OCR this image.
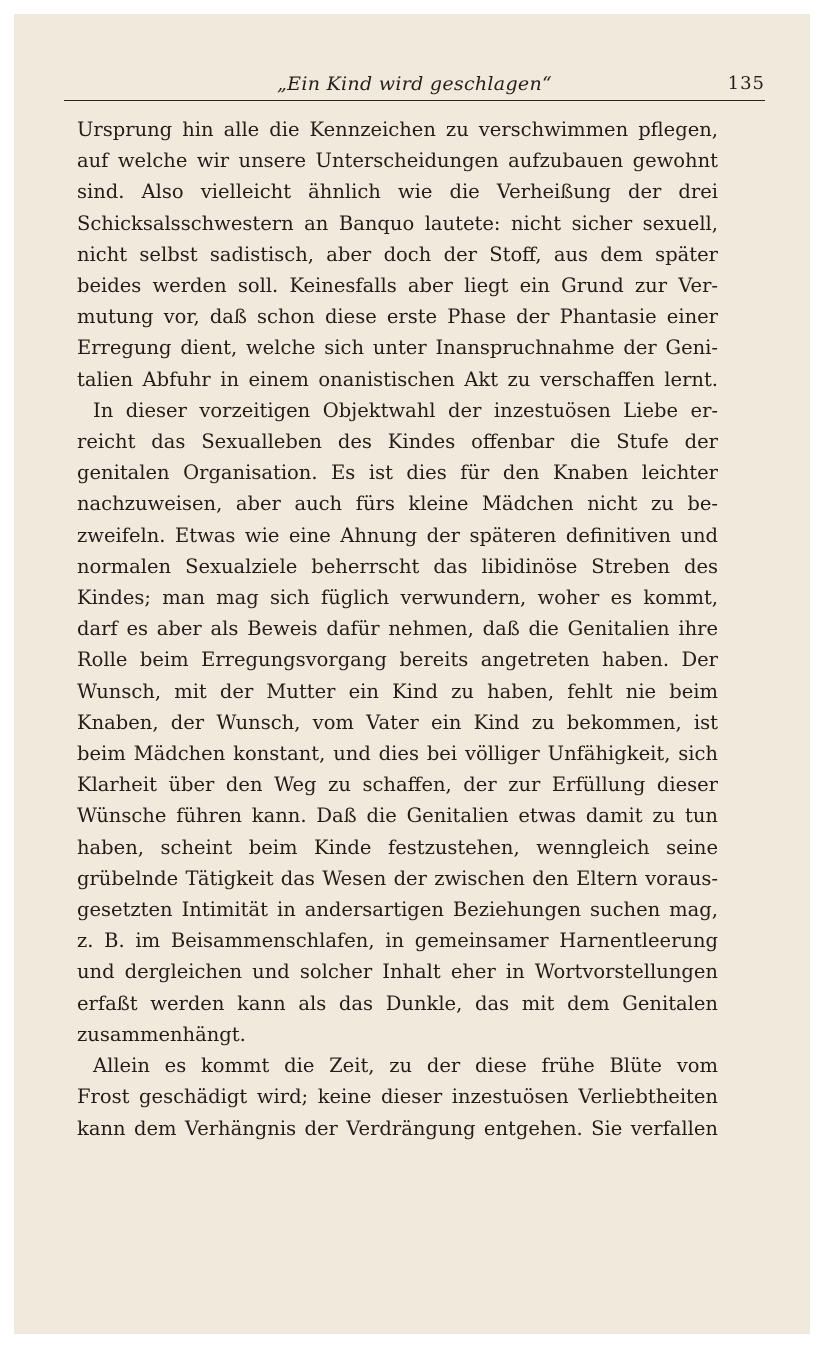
„Ein Kind wird geschlagen“	135
Ursprung hin alle die Kennzeichen zu verschwimmen pflegen,
auf welche wir unsere Unterscheidungen aufzubauen gewohnt
sind. Also vielleicht ähnlich wie die Verheißung der drei
Schicksalsschwestern an Banquo lautete: nicht sicher sexuell,
nicht selbst sadistisch, aber doch der Stoff, aus dem später
beides werden soll. Keinesfalls aber liegt ein Grund zur Ver-
mutung vor, daß schon diese erste Phase der Phantasie einer
Erregung dient, welche sich unter Inanspruchnahme der Geni-
talien Abfuhr in einem onanistischen Akt zu verschaffen lernt.
In dieser vorzeitigen Objektwahl der inzestuösen Liebe er-
reicht das Sexualleben des Kindes offenbar die Stufe der
genitalen Organisation. Es ist dies für den Knaben leichter
nachzuweisen, aber auch fürs kleine Mädchen nicht zu be-
zweifeln. Etwas wie eine Ahnung der späteren definitiven und
normalen Sexualziele beherrscht das libidinöse Streben des
Kindes; man mag sich füglich verwundern, woher es kommt,
darf es aber als Beweis dafür nehmen, daß die Genitalien ihre
Rolle beim Erregungsvorgang bereits angetreten haben. Der
Wunsch, mit der Mutter ein Kind zu haben, fehlt nie beim
Knaben, der Wunsch, vom Vater ein Kind zu bekommen, ist
beim Mädchen konstant, und dies bei völliger Unfähigkeit, sich
Klarheit über den Weg zu schaffen, der zur Erfüllung dieser
Wünsche führen kann. Daß die Genitalien etwas damit zu tun
haben, scheint beim Kinde festzustehen, wenngleich seine
grübelnde Tätigkeit das Wesen der zwischen den Eltern voraus-
gesetzten Intimität in andersartigen Beziehungen suchen mag,
z. B. im Beisammenschlafen, in gemeinsamer Harnentleerung
und dergleichen und solcher Inhalt eher in Wortvorstellungen
erfaßt werden kann als das Dunkle, das mit dem Genitalen
zusammenhängt.
Allein es kommt die Zeit, zu der diese frühe Blüte vom
Frost geschädigt wird; keine dieser inzestuösen Verliebtheiten
kann dem Verhängnis der Verdrängung entgehen. Sie verfallen
